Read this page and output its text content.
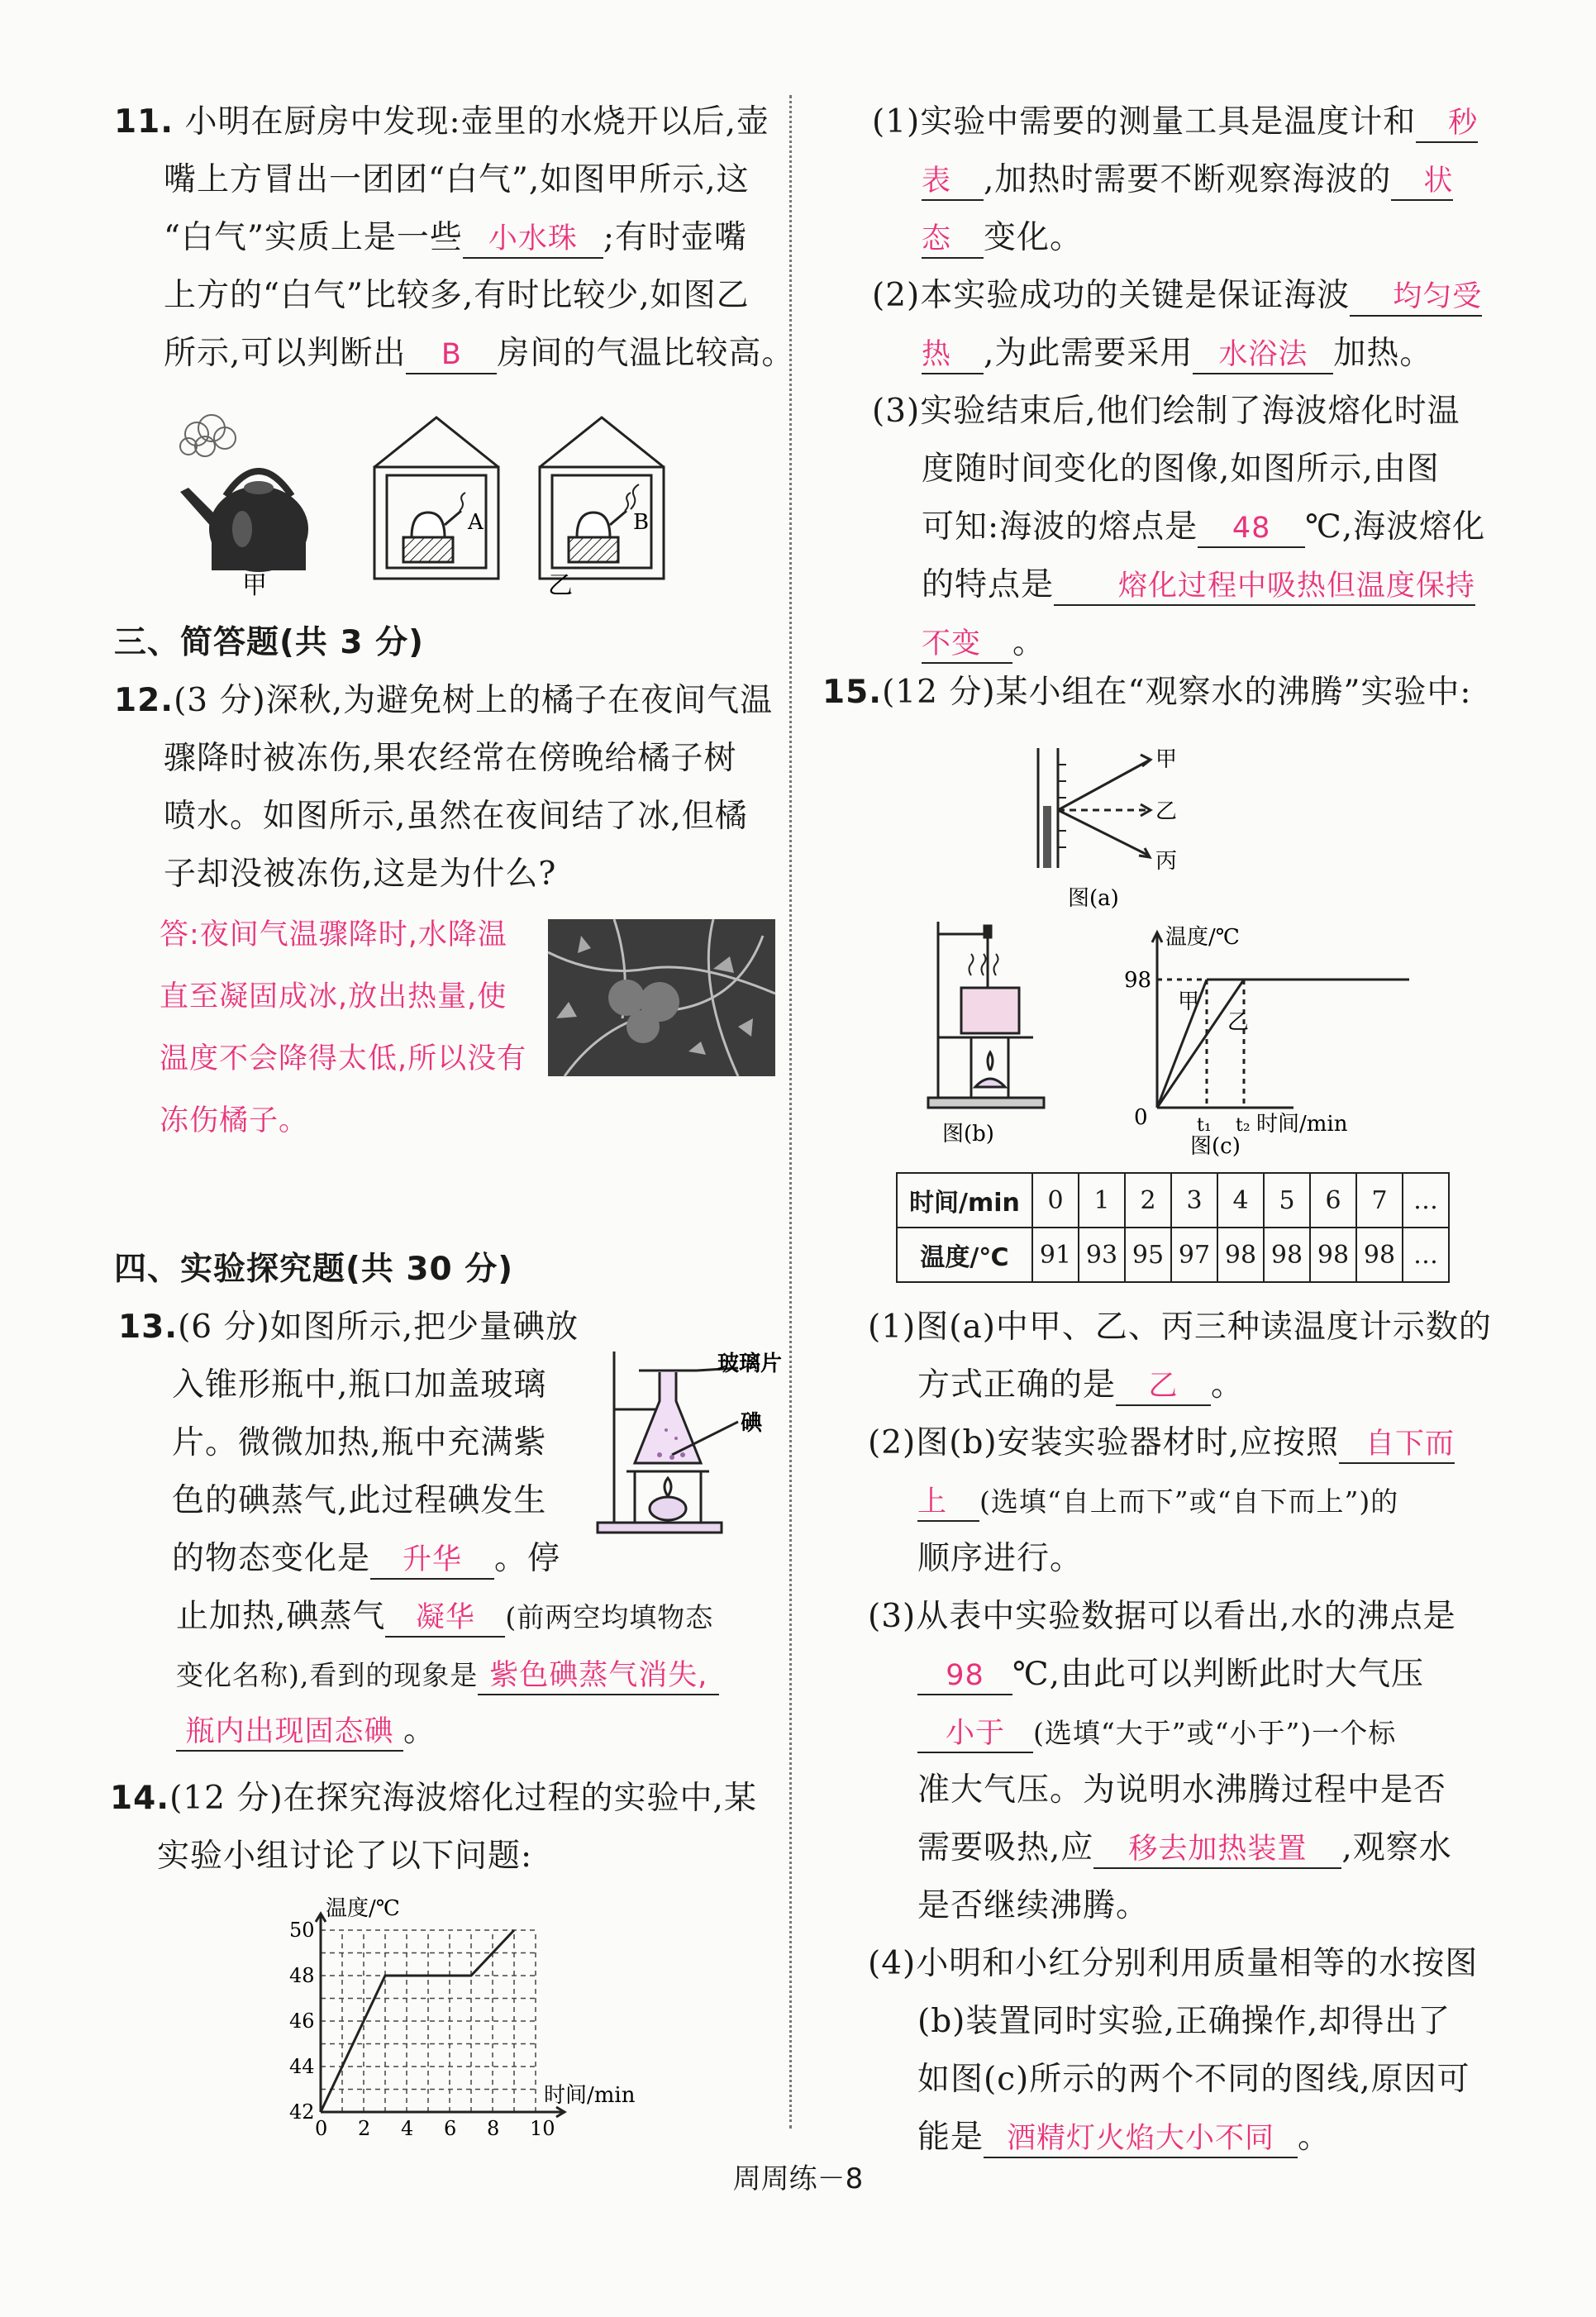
11. 小明在厨房中发现:壶里的水烧开以后,壶
嘴上方冒出一团团“白气”,如图甲所示,这
“白气”实质上是一些 小水珠 ;有时壶嘴
上方的“白气”比较多,有时比较少,如图乙
所示,可以判断出 B 房间的气温比较高。
甲
A	B
乙
三、简答题(共 3 分)
12.(3 分)深秋,为避免树上的橘子在夜间气温
骤降时被冻伤,果农经常在傍晚给橘子树
喷水。如图所示,虽然在夜间结了冰,但橘
子却没被冻伤,这是为什么?
答:夜间气温骤降时,水降温
直至凝固成冰,放出热量,使
温度不会降得太低,所以没有
冻伤橘子。
四、实验探究题(共 30 分)
13.(6 分)如图所示,把少量碘放
入锥形瓶中,瓶口加盖玻璃
片。微微加热,瓶中充满紫
色的碘蒸气,此过程碘发生
的物态变化是 升华 。停
止加热,碘蒸气 凝华 (前两空均填物态
变化名称),看到的现象是 紫色碘蒸气消失,
瓶内出现固态碘 。
玻璃片
碘
14.(12 分)在探究海波熔化过程的实验中,某
实验小组讨论了以下问题:
0 2 4 6 8 10
42
44
46
48
50
温度/℃
时间/min
(1)实验中需要的测量工具是温度计和 秒
表 ,加热时需要不断观察海波的 状
态 变化。
(2)本实验成功的关键是保证海波 均匀受
热 ,为此需要采用 水浴法 加热。
(3)实验结束后,他们绘制了海波熔化时温
度随时间变化的图像,如图所示,由图
可知:海波的熔点是 48 ℃,海波熔化
的特点是 熔化过程中吸热但温度保持
不变 。
15.(12 分)某小组在“观察水的沸腾”实验中:
甲
乙
丙
图(a)
图(b)
温度/℃
98
0	t₁ t₂ 时间/min
甲
乙
图(c)
时间/min	0	1	2	3	4	5	6	7	…
温度/℃	91	93	95	97	98	98	98	98	…
(1)图(a)中甲、乙、丙三种读温度计示数的
方式正确的是 乙 。
(2)图(b)安装实验器材时,应按照 自下而
上 (选填“自上而下”或“自下而上”)的
顺序进行。
(3)从表中实验数据可以看出,水的沸点是
98 ℃,由此可以判断此时大气压
小于 (选填“大于”或“小于”)一个标
准大气压。为说明水沸腾过程中是否
需要吸热,应 移去加热装置 ,观察水
是否继续沸腾。
(4)小明和小红分别利用质量相等的水按图
(b)装置同时实验,正确操作,却得出了
如图(c)所示的两个不同的图线,原因可
能是 酒精灯火焰大小不同 。
周周练－8
